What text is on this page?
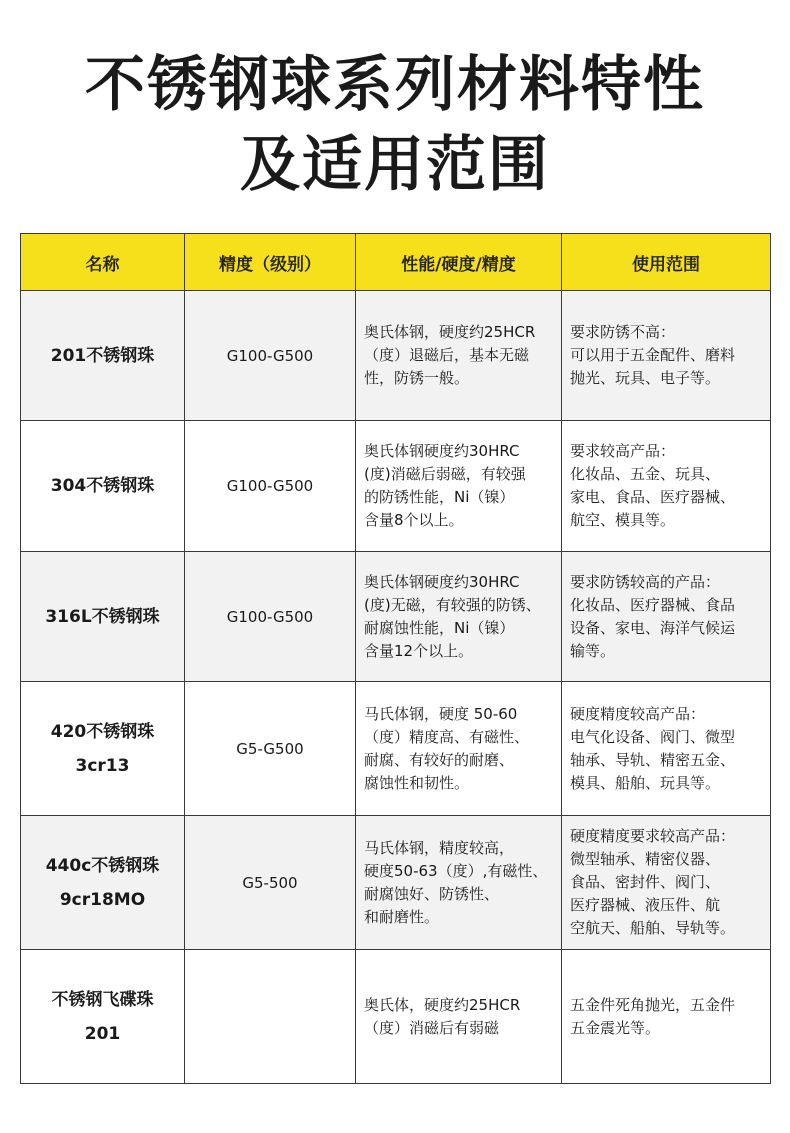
不锈钢球系列材料特性
及适用范围
名称	精度（级别）	性能/硬度/精度	使用范围
201不锈钢珠	G100-G500	奥氏体钢，硬度约25HCR
（度）退磁后，基本无磁
性，防锈一般。	要求防锈不高：
可以用于五金配件、磨料
抛光、玩具、电子等。
304不锈钢珠	G100-G500	奥氏体钢硬度约30HRC
(度)消磁后弱磁，有较强
的防锈性能，Ni（镍）
含量8个以上。	要求较高产品：
化妆品、五金、玩具、
家电、食品、医疗器械、
航空、模具等。
316L不锈钢珠	G100-G500	奥氏体钢硬度约30HRC
(度)无磁，有较强的防锈、
耐腐蚀性能，Ni（镍）
含量12个以上。	要求防锈较高的产品：
化妆品、医疗器械、食品
设备、家电、海洋气候运
输等。
420不锈钢珠
3cr13	G5-G500	马氏体钢，硬度 50-60
（度）精度高、有磁性、
耐腐、有较好的耐磨、
腐蚀性和韧性。	硬度精度较高产品：
电气化设备、阀门、微型
轴承、导轨、精密五金、
模具、船舶、玩具等。
440c不锈钢珠
9cr18MO	G5-500	马氏体钢，精度较高，
硬度50-63（度）,有磁性、
耐腐蚀好、防锈性、
和耐磨性。	硬度精度要求较高产品：
微型轴承、精密仪器、
食品、密封件、阀门、
医疗器械、液压件、航
空航天、船舶、导轨等。
不锈钢飞碟珠
201		奥氏体，硬度约25HCR
（度）消磁后有弱磁	五金件死角抛光，五金件
五金震光等。
